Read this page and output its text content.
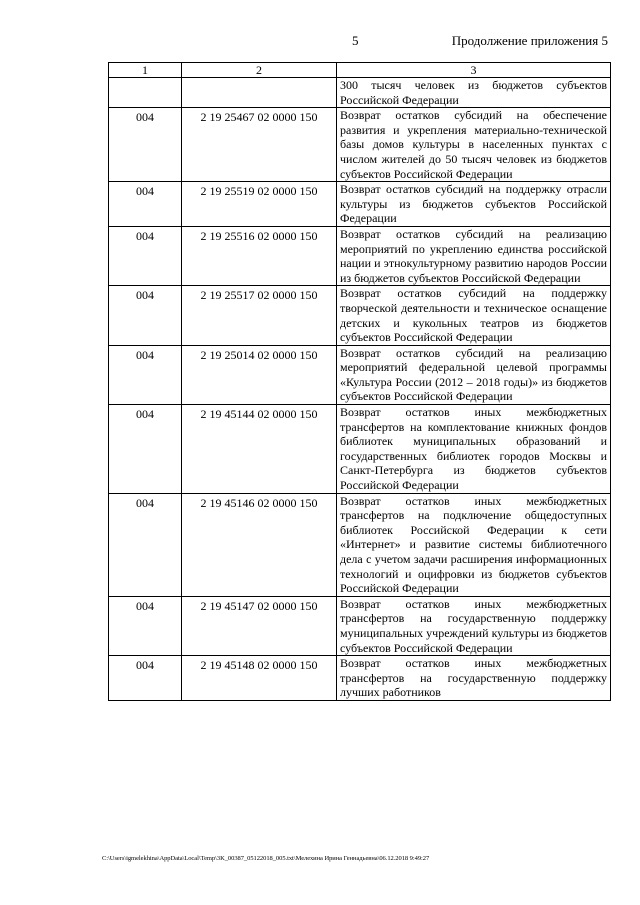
5	Продолжение приложения 5
1	2	3
		300 тысяч человек из бюджетов субъектов Российской Федерации
004	2 19 25467 02 0000 150	Возврат остатков субсидий на обеспечение развития и укрепления материально-технической базы домов культуры в населенных пунктах с числом жителей до 50 тысяч человек из бюджетов субъектов Российской Федерации
004	2 19 25519 02 0000 150	Возврат остатков субсидий на поддержку отрасли культуры из бюджетов субъектов Российской Федерации
004	2 19 25516 02 0000 150	Возврат остатков субсидий на реализацию мероприятий по укреплению единства российской нации и этнокультурному развитию народов России из бюджетов субъектов Российской Федерации
004	2 19 25517 02 0000 150	Возврат остатков субсидий на поддержку творческой деятельности и техническое оснащение детских и кукольных театров из бюджетов субъектов Российской Федерации
004	2 19 25014 02 0000 150	Возврат остатков субсидий на реализацию мероприятий федеральной целевой программы «Культура России (2012 – 2018 годы)» из бюджетов субъектов Российской Федерации
004	2 19 45144 02 0000 150	Возврат остатков иных межбюджетных трансфертов на комплектование книжных фондов библиотек муниципальных образований и государственных библиотек городов Москвы и Санкт-Петербурга из бюджетов субъектов Российской Федерации
004	2 19 45146 02 0000 150	Возврат остатков иных межбюджетных трансфертов на подключение общедоступных библиотек Российской Федерации к сети «Интернет» и развитие системы библиотечного дела с учетом задачи расширения информационных технологий и оцифровки из бюджетов субъектов Российской Федерации
004	2 19 45147 02 0000 150	Возврат остатков иных межбюджетных трансфертов на государственную поддержку муниципальных учреждений культуры из бюджетов субъектов Российской Федерации
004	2 19 45148 02 0000 150	Возврат остатков иных межбюджетных трансфертов на государственную поддержку лучших работников
C:\Users\igmelekhina\AppData\Local\Temp\3K_00387_05122018_005.txt\Мелехина Ирина Геннадьевна\06.12.2018 9:49:27
